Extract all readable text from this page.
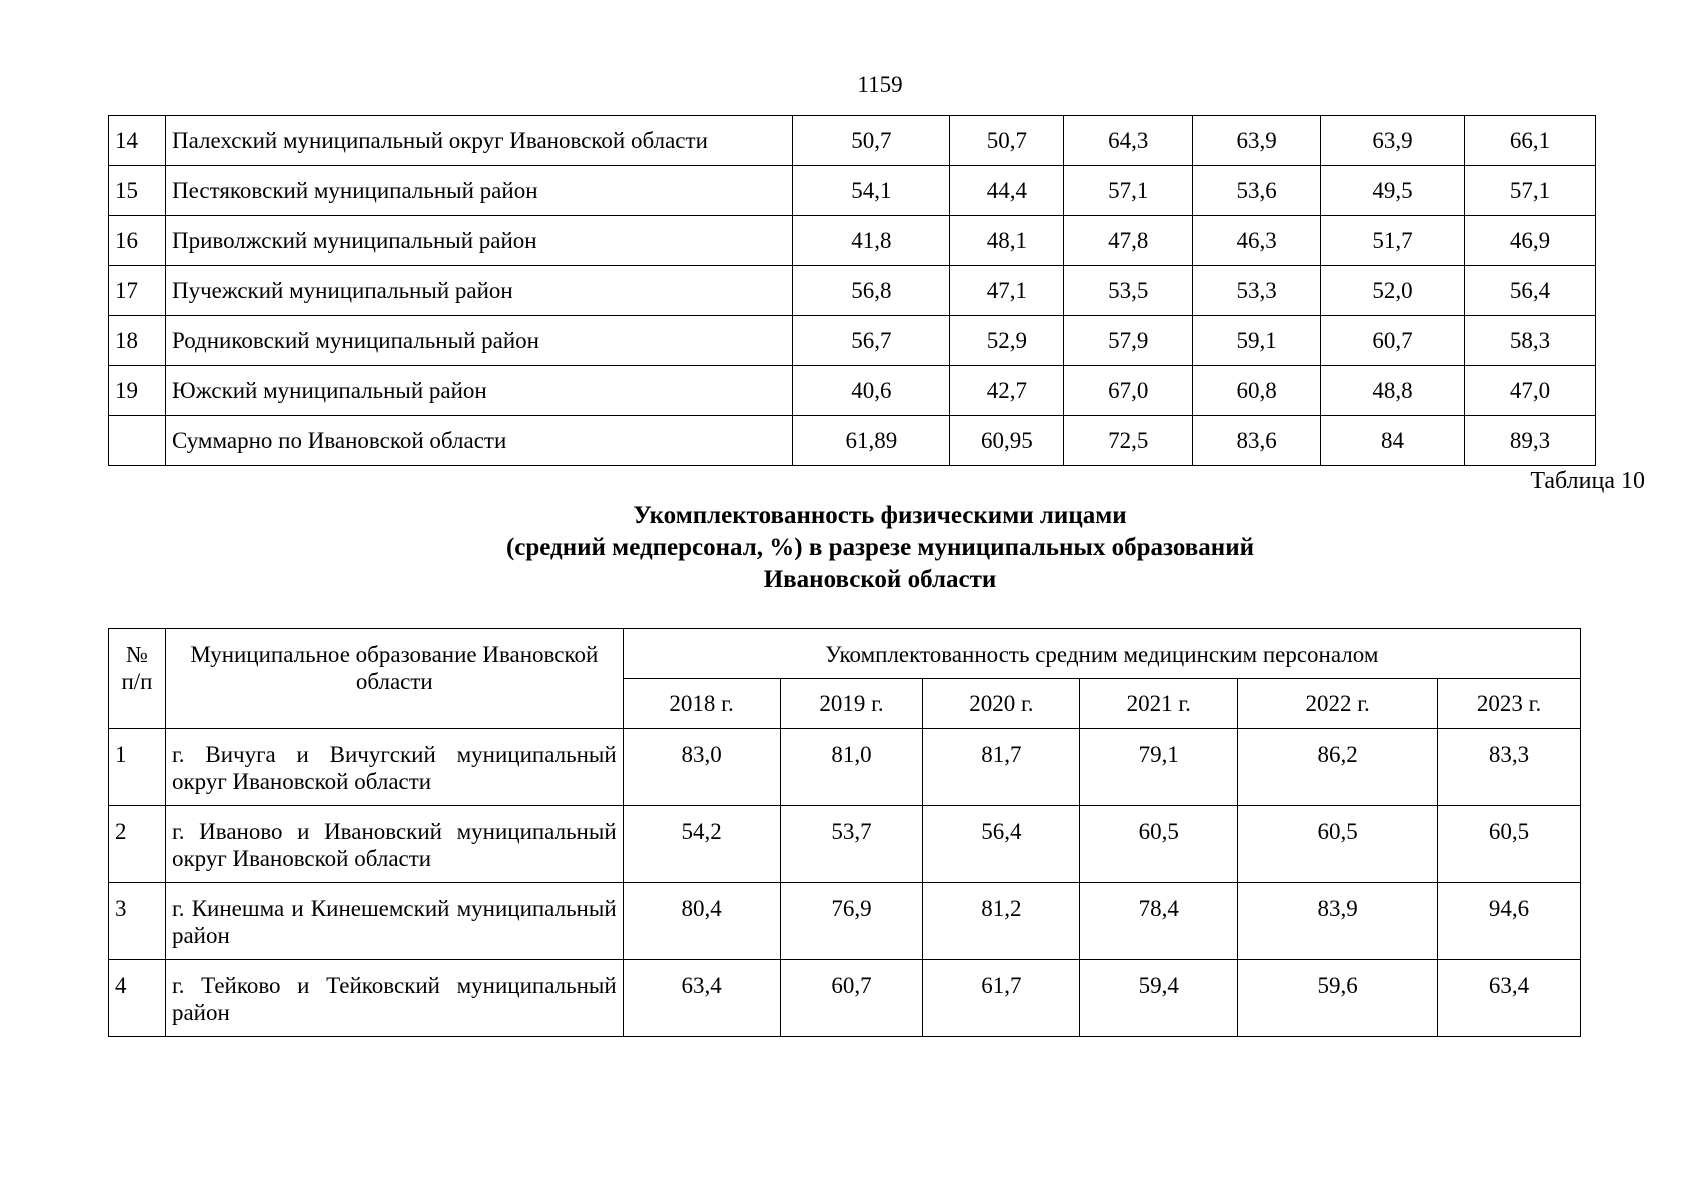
1159
14	Палехский муниципальный округ Ивановской области	50,7	50,7	64,3	63,9	63,9	66,1
15	Пестяковский муниципальный район	54,1	44,4	57,1	53,6	49,5	57,1
16	Приволжский муниципальный район	41,8	48,1	47,8	46,3	51,7	46,9
17	Пучежский муниципальный район	56,8	47,1	53,5	53,3	52,0	56,4
18	Родниковский муниципальный район	56,7	52,9	57,9	59,1	60,7	58,3
19	Южский муниципальный район	40,6	42,7	67,0	60,8	48,8	47,0
	Суммарно по Ивановской области	61,89	60,95	72,5	83,6	84	89,3
Таблица 10
Укомплектованность физическими лицами
(средний медперсонал, %) в разрезе муниципальных образований
Ивановской области
№ п/п	Муниципальное образование Ивановской области	Укомплектованность средним медицинским персоналом					
		2018 г.	2019 г.	2020 г.	2021 г.	2022 г.	2023 г.
1	г. Вичуга и Вичугский муниципальный округ Ивановской области	83,0	81,0	81,7	79,1	86,2	83,3
2	г. Иваново и Ивановский муниципальный округ Ивановской области	54,2	53,7	56,4	60,5	60,5	60,5
3	г. Кинешма и Кинешемский муниципальный район	80,4	76,9	81,2	78,4	83,9	94,6
4	г. Тейково и Тейковский муниципальный район	63,4	60,7	61,7	59,4	59,6	63,4
